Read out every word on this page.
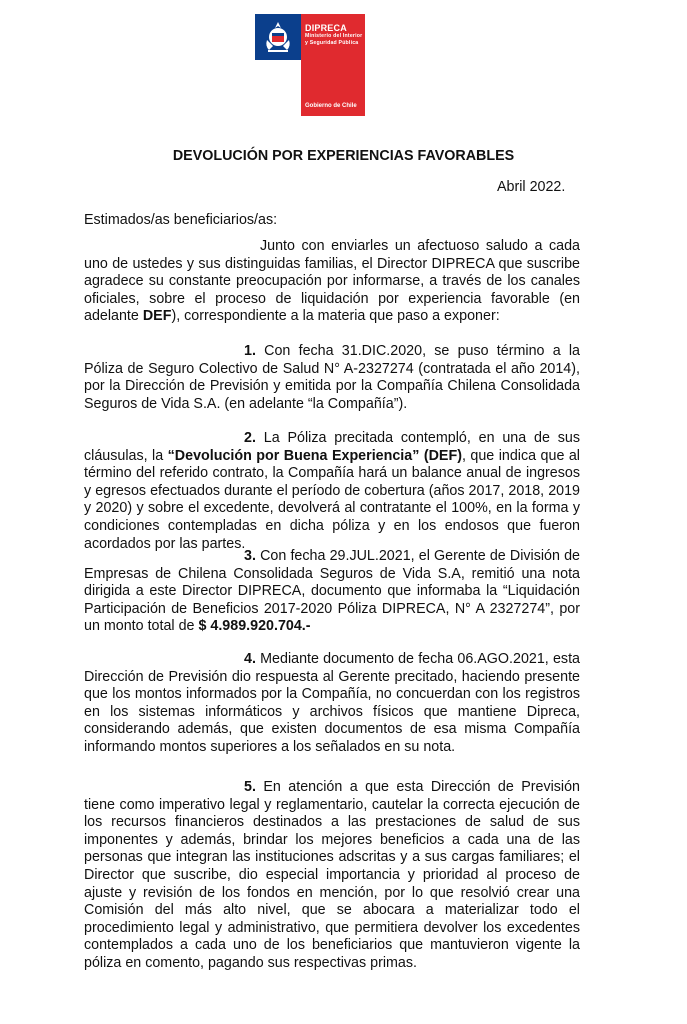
DIPRECA
Ministerio del Interior y Seguridad Pública
Gobierno de Chile
DEVOLUCIÓN POR EXPERIENCIAS FAVORABLES
Abril 2022.
Estimados/as beneficiarios/as:

Junto con enviarles un afectuoso saludo a cada uno de ustedes y sus distinguidas familias, el Director DIPRECA que suscribe agradece su constante preocupación por informarse, a través de los canales oficiales, sobre el proceso de liquidación por experiencia favorable (en adelante DEF), correspondiente a la materia que paso a exponer:

1. Con fecha 31.DIC.2020, se puso término a la Póliza de Seguro Colectivo de Salud N° A-2327274 (contratada el año 2014), por la Dirección de Previsión y emitida por la Compañía Chilena Consolidada Seguros de Vida S.A. (en adelante “la Compañía”).

2. La Póliza precitada contempló, en una de sus cláusulas, la “Devolución por Buena Experiencia” (DEF), que indica que al término del referido contrato, la Compañía hará un balance anual de ingresos y egresos efectuados durante el período de cobertura (años 2017, 2018, 2019 y 2020) y sobre el excedente, devolverá al contratante el 100%, en la forma y condiciones contempladas en dicha póliza y en los endosos que fueron acordados por las partes.

3. Con fecha 29.JUL.2021, el Gerente de División de Empresas de Chilena Consolidada Seguros de Vida S.A, remitió una nota dirigida a este Director DIPRECA, documento que informaba la “Liquidación Participación de Beneficios 2017-2020 Póliza DIPRECA, N° A 2327274”, por un monto total de $ 4.989.920.704.-

4. Mediante documento de fecha 06.AGO.2021, esta Dirección de Previsión dio respuesta al Gerente precitado, haciendo presente que los montos informados por la Compañía, no concuerdan con los registros en los sistemas informáticos y archivos físicos que mantiene Dipreca, considerando además, que existen documentos de esa misma Compañía informando montos superiores a los señalados en su nota.

5. En atención a que esta Dirección de Previsión tiene como imperativo legal y reglamentario, cautelar la correcta ejecución de los recursos financieros destinados a las prestaciones de salud de sus imponentes y además, brindar los mejores beneficios a cada una de las personas que integran las instituciones adscritas y a sus cargas familiares; el Director que suscribe, dio especial importancia y prioridad al proceso de ajuste y revisión de los fondos en mención, por lo que resolvió crear una Comisión del más alto nivel, que se abocara a materializar todo el procedimiento legal y administrativo, que permitiera devolver los excedentes contemplados a cada uno de los beneficiarios que mantuvieron vigente la póliza en comento, pagando sus respectivas primas.
